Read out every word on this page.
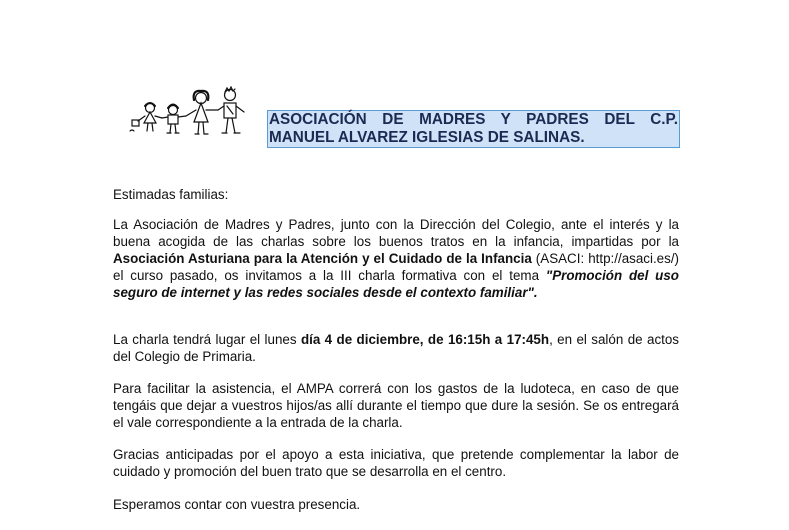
ASOCIACIÓN DE MADRES Y PADRES DEL C.P.
MANUEL ALVAREZ IGLESIAS DE SALINAS.

Estimadas familias:

La Asociación de Madres y Padres, junto con la Dirección del Colegio, ante el interés y la buena acogida de las charlas sobre los buenos tratos en la infancia, impartidas por la Asociación Asturiana para la Atención y el Cuidado de la Infancia (ASACI: http://asaci.es/) el curso pasado, os invitamos a la III charla formativa con el tema "Promoción del uso seguro de internet y las redes sociales desde el contexto familiar".

La charla tendrá lugar el lunes día 4 de diciembre, de 16:15h a 17:45h, en el salón de actos del Colegio de Primaria.

Para facilitar la asistencia, el AMPA correrá con los gastos de la ludoteca, en caso de que tengáis que dejar a vuestros hijos/as allí durante el tiempo que dure la sesión. Se os entregará el vale correspondiente a la entrada de la charla.

Gracias anticipadas por el apoyo a esta iniciativa, que pretende complementar la labor de cuidado y promoción del buen trato que se desarrolla en el centro.

Esperamos contar con vuestra presencia.
